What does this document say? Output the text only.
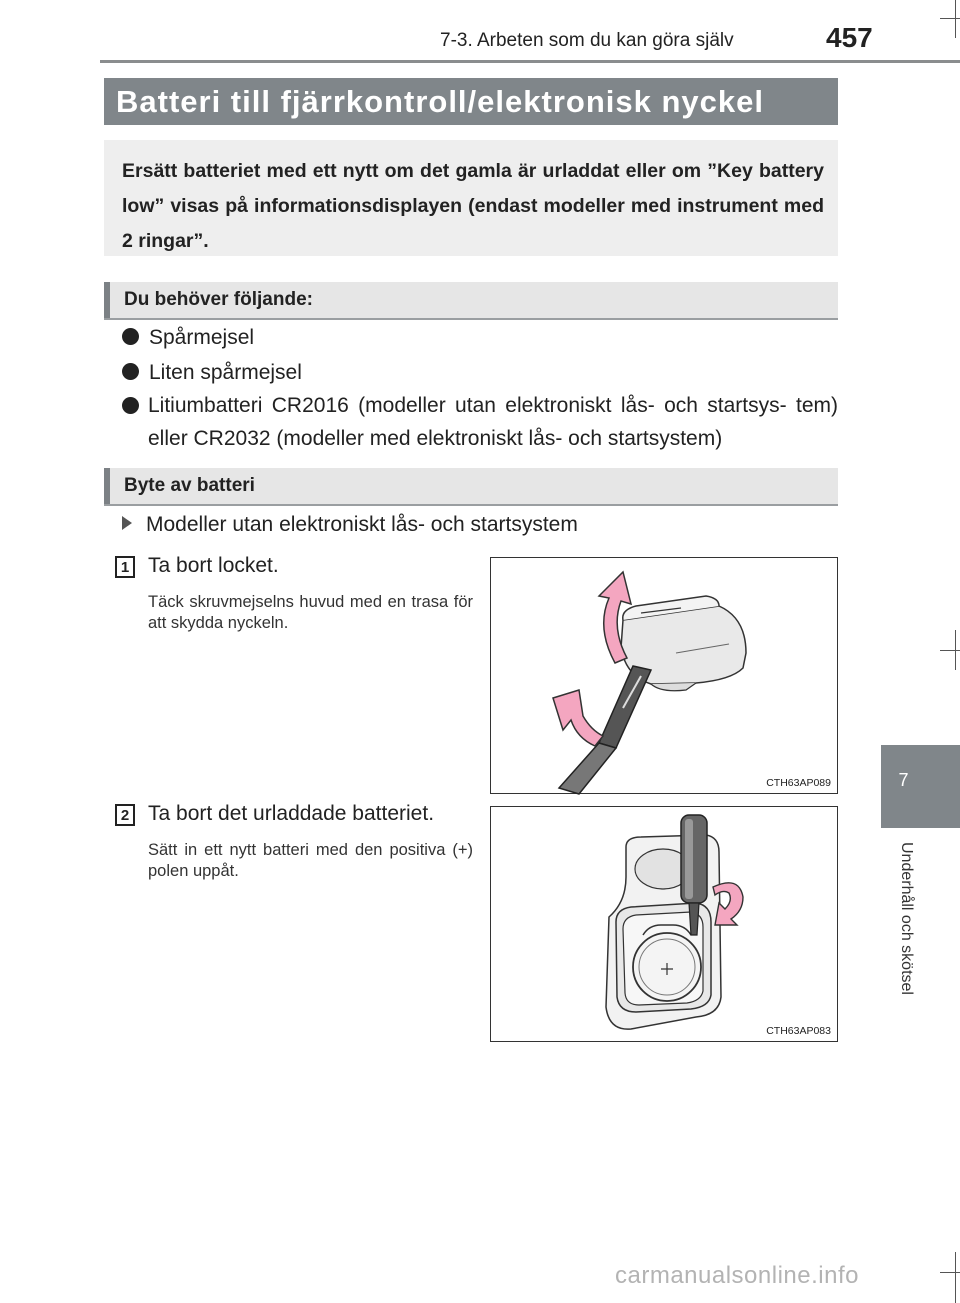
7-3. Arbeten som du kan göra själv	457
Batteri till fjärrkontroll/elektronisk nyckel
Ersätt batteriet med ett nytt om det gamla är urladdat eller om ”Key battery low” visas på informationsdisplayen (endast modeller med instrument med 2 ringar”.
Du behöver följande:
Spårmejsel
Liten spårmejsel
Litiumbatteri CR2016 (modeller utan elektroniskt lås- och startsys- tem) eller CR2032 (modeller med elektroniskt lås- och startsystem)
Byte av batteri
Modeller utan elektroniskt lås- och startsystem
1 Ta bort locket.
Täck skruvmejselns huvud med en trasa för att skydda nyckeln.
CTH63AP089
2 Ta bort det urladdade batteriet.
Sätt in ett nytt batteri med den positiva (+) polen uppåt.
CTH63AP083
7
Underhåll och skötsel
carmanualsonline.info
